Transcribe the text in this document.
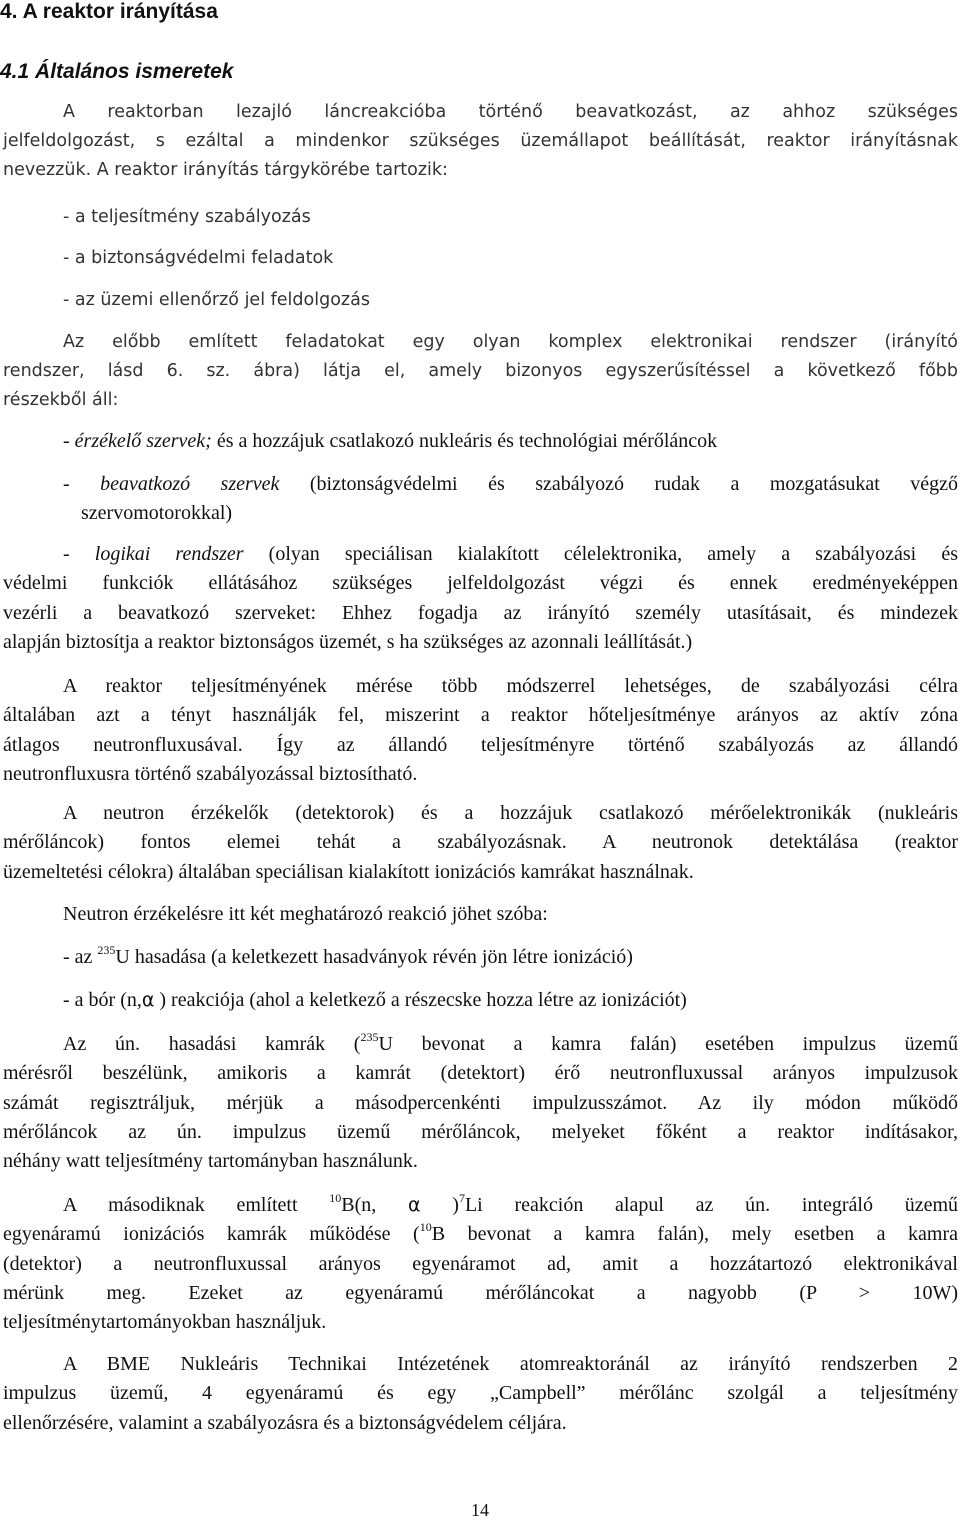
4. A reaktor irányítása
4.1 Általános ismeretek
A reaktorban lezajló láncreakcióba történő beavatkozást, az ahhoz szükséges
jelfeldolgozást, s ezáltal a mindenkor szükséges üzemállapot beállítását, reaktor irányításnak
nevezzük. A reaktor irányítás tárgykörébe tartozik:
- a teljesítmény szabályozás
- a biztonságvédelmi feladatok
- az üzemi ellenőrző jel feldolgozás
Az előbb említett feladatokat egy olyan komplex elektronikai rendszer (irányító
rendszer, lásd 6. sz. ábra) látja el, amely bizonyos egyszerűsítéssel a következő főbb
részekből áll:
- érzékelő szervek; és a hozzájuk csatlakozó nukleáris és technológiai mérőláncok
- beavatkozó szervek (biztonságvédelmi és szabályozó rudak a mozgatásukat végző
szervomotorokkal)
- logikai rendszer (olyan speciálisan kialakított célelektronika, amely a szabályozási és
védelmi funkciók ellátásához szükséges jelfeldolgozást végzi és ennek eredményeképpen
vezérli a beavatkozó szerveket: Ehhez fogadja az irányító személy utasításait, és mindezek
alapján biztosítja a reaktor biztonságos üzemét, s ha szükséges az azonnali leállítását.)
A reaktor teljesítményének mérése több módszerrel lehetséges, de szabályozási célra
általában azt a tényt használják fel, miszerint a reaktor hőteljesítménye arányos az aktív zóna
átlagos neutronfluxusával. Így az állandó teljesítményre történő szabályozás az állandó
neutronfluxusra történő szabályozással biztosítható.
A neutron érzékelők (detektorok) és a hozzájuk csatlakozó mérőelektronikák (nukleáris
mérőláncok) fontos elemei tehát a szabályozásnak. A neutronok detektálása (reaktor
üzemeltetési célokra) általában speciálisan kialakított ionizációs kamrákat használnak.
Neutron érzékelésre itt két meghatározó reakció jöhet szóba:
- az $^{235}$U hasadása (a keletkezett hasadványok révén jön létre ionizáció)
- a bór (n,α ) reakciója (ahol a keletkező a részecske hozza létre az ionizációt)
Az ún. hasadási kamrák ($^{235}$U bevonat a kamra falán) esetében impulzus üzemű
mérésről beszélünk, amikoris a kamrát (detektort) érő neutronfluxussal arányos impulzusok
számát regisztráljuk, mérjük a másodpercenkénti impulzusszámot. Az ily módon működő
mérőláncok az ún. impulzus üzemű mérőláncok, melyeket főként a reaktor indításakor,
néhány watt teljesítmény tartományban használunk.
A másodiknak említett $^{10}$B(n, α )$^7$Li reakción alapul az ún. integráló üzemű
egyenáramú ionizációs kamrák működése ($^{10}$B bevonat a kamra falán), mely esetben a kamra
(detektor) a neutronfluxussal arányos egyenáramot ad, amit a hozzátartozó elektronikával
mérünk meg. Ezeket az egyenáramú mérőláncokat a nagyobb (P > 10W)
teljesítménytartományokban használjuk.
A BME Nukleáris Technikai Intézetének atomreaktoránál az irányító rendszerben 2
impulzus üzemű, 4 egyenáramú és egy „Campbell” mérőlánc szolgál a teljesítmény
ellenőrzésére, valamint a szabályozásra és a biztonságvédelem céljára.
14
